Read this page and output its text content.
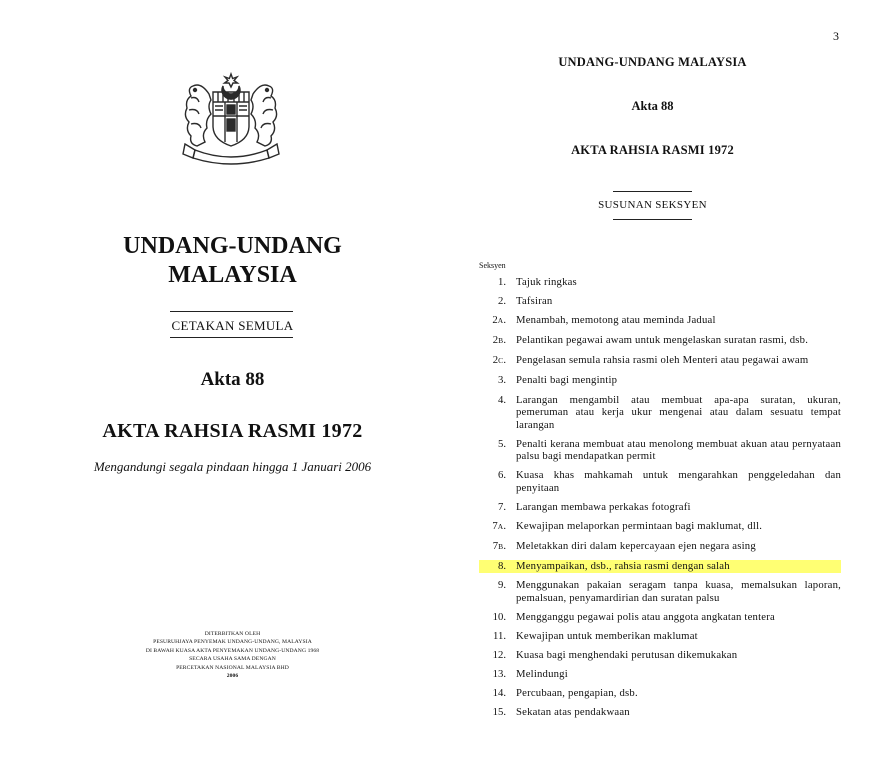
UNDANG-UNDANG
MALAYSIA
CETAKAN SEMULA
Akta 88
AKTA RAHSIA RASMI 1972
Mengandungi segala pindaan hingga 1 Januari 2006
DITERBITKAN OLEH
PESURUHJAYA PENYEMAK UNDANG-UNDANG, MALAYSIA
DI BAWAH KUASA AKTA PENYEMAKAN UNDANG-UNDANG 1968
SECARA USAHA SAMA DENGAN
PERCETAKAN NASIONAL MALAYSIA BHD
2006
3
UNDANG-UNDANG MALAYSIA
Akta 88
AKTA RAHSIA RASMI 1972
SUSUNAN SEKSYEN
Seksyen
1. Tajuk ringkas
2. Tafsiran
2A. Menambah, memotong atau meminda Jadual
2B. Pelantikan pegawai awam untuk mengelaskan suratan rasmi, dsb.
2C. Pengelasan semula rahsia rasmi oleh Menteri atau pegawai awam
3. Penalti bagi mengintip
4. Larangan mengambil atau membuat apa-apa suratan, ukuran, pemeruman atau kerja ukur mengenai atau dalam sesuatu tempat larangan
5. Penalti kerana membuat atau menolong membuat akuan atau pernyataan palsu bagi mendapatkan permit
6. Kuasa khas mahkamah untuk mengarahkan penggeledahan dan penyitaan
7. Larangan membawa perkakas fotografi
7A. Kewajipan melaporkan permintaan bagi maklumat, dll.
7B. Meletakkan diri dalam kepercayaan ejen negara asing
8. Menyampaikan, dsb., rahsia rasmi dengan salah
9. Menggunakan pakaian seragam tanpa kuasa, memalsukan laporan, pemalsuan, penyamardirian dan suratan palsu
10. Mengganggu pegawai polis atau anggota angkatan tentera
11. Kewajipan untuk memberikan maklumat
12. Kuasa bagi menghendaki perutusan dikemukakan
13. Melindungi
14. Percubaan, pengapian, dsb.
15. Sekatan atas pendakwaan
